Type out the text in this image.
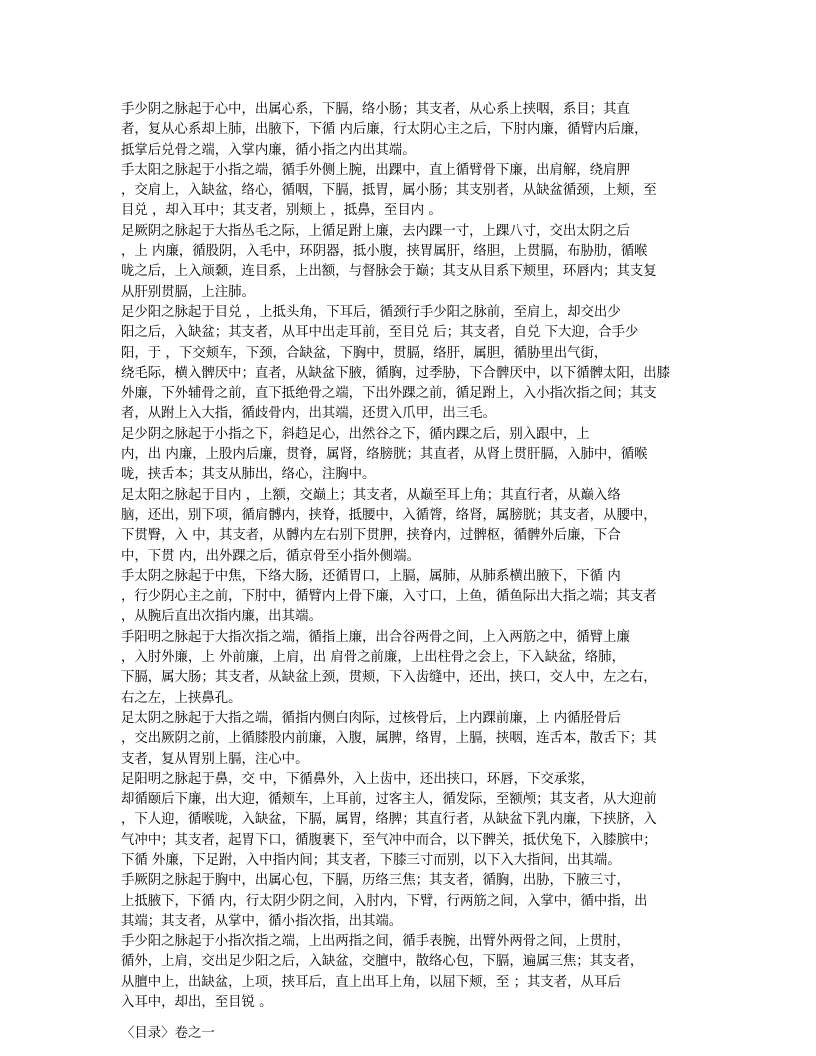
手少阴之脉起于心中，出属心系，下膈，络小肠；其支者，从心系上挟咽，系目；其直
者，复从心系却上肺，出腋下，下循 内后廉，行太阴心主之后，下肘内廉，循臂内后廉，
抵掌后兑骨之端，入掌内廉，循小指之内出其端。

手太阳之脉起于小指之端，循手外侧上腕，出踝中，直上循臂骨下廉，出肩解，绕肩胛
，交肩上，入缺盆，络心，循咽，下膈，抵胃，属小肠；其支别者，从缺盆循颈，上颊，至
目兑 ，却入耳中；其支者，别颊上 ，抵鼻，至目内 。

足厥阴之脉起于大指丛毛之际，上循足跗上廉，去内踝一寸，上踝八寸，交出太阴之后
，上 内廉，循股阴，入毛中，环阴器，抵小腹，挟胃属肝，络胆，上贯膈，布胁肋，循喉
咙之后，上入颃颡，连目系，上出额，与督脉会于巅；其支从目系下颊里，环唇内；其支复
从肝别贯膈，上注肺。

足少阳之脉起于目兑 ，上抵头角，下耳后，循颈行手少阳之脉前，至肩上，却交出少
阳之后，入缺盆；其支者，从耳中出走耳前，至目兑 后；其支者，自兑 下大迎，合手少
阳，于 ，下交颊车，下颈，合缺盆，下胸中，贯膈，络肝，属胆，循胁里出气街，
绕毛际，横入髀厌中；直者，从缺盆下腋，循胸，过季胁，下合髀厌中，以下循髀太阳，出膝
外廉，下外辅骨之前，直下抵绝骨之端，下出外踝之前，循足跗上，入小指次指之间；其支
者，从跗上入大指，循歧骨内，出其端，还贯入爪甲，出三毛。

足少阴之脉起于小指之下，斜趋足心，出然谷之下，循内踝之后，别入跟中，上
内，出 内廉，上股内后廉，贯脊，属肾，络膀胱；其直者，从肾上贯肝膈，入肺中，循喉
咙，挟舌本；其支从肺出，络心，注胸中。

足太阳之脉起于目内 ，上额，交巅上；其支者，从巅至耳上角；其直行者，从巅入络
脑，还出，别下项，循肩髆内，挟脊，抵腰中，入循膂，络肾，属膀胱；其支者，从腰中，
下贯臀，入 中，其支者，从髆内左右别下贯胛，挟脊内，过髀枢，循髀外后廉，下合
中，下贯 内，出外踝之后，循京骨至小指外侧端。

手太阴之脉起于中焦，下络大肠，还循胃口，上膈，属肺，从肺系横出腋下，下循 内
，行少阴心主之前，下肘中，循臂内上骨下廉，入寸口，上鱼，循鱼际出大指之端；其支者
，从腕后直出次指内廉，出其端。

手阳明之脉起于大指次指之端，循指上廉，出合谷两骨之间，上入两筋之中，循臂上廉
，入肘外廉，上 外前廉，上肩，出 肩骨之前廉，上出柱骨之会上，下入缺盆，络肺，
下膈，属大肠；其支者，从缺盆上颈，贯颊，下入齿缝中，还出，挟口，交人中，左之右，
右之左，上挟鼻孔。

足太阴之脉起于大指之端，循指内侧白肉际，过核骨后，上内踝前廉，上 内循胫骨后
，交出厥阴之前，上循膝股内前廉，入腹，属脾，络胃，上膈，挟咽，连舌本，散舌下；其
支者，复从胃别上膈，注心中。

足阳明之脉起于鼻，交 中，下循鼻外，入上齿中，还出挟口，环唇，下交承浆，
却循颐后下廉，出大迎，循颊车，上耳前，过客主人，循发际，至额颅；其支者，从大迎前
，下人迎，循喉咙，入缺盆，下膈，属胃，络脾；其直行者，从缺盆下乳内廉，下挟脐，入
气冲中；其支者，起胃下口，循腹裹下，至气冲中而合，以下髀关，抵伏兔下，入膝膑中；
下循 外廉，下足跗，入中指内间；其支者，下膝三寸而别，以下入大指间，出其端。

手厥阴之脉起于胸中，出属心包，下膈，历络三焦；其支者，循胸，出胁，下腋三寸，
上抵腋下，下循 内，行太阴少阴之间，入肘内，下臂，行两筋之间，入掌中，循中指，出
其端；其支者，从掌中，循小指次指，出其端。

手少阳之脉起于小指次指之端，上出两指之间，循手表腕，出臂外两骨之间，上贯肘，
循外，上肩，交出足少阳之后，入缺盆，交膻中，散络心包，下膈，遍属三焦；其支者，
从膻中上，出缺盆，上项，挟耳后，直上出耳上角，以屈下颊，至 ；其支者，从耳后
入耳中，却出，至目锐 。

〈目录〉卷之一
